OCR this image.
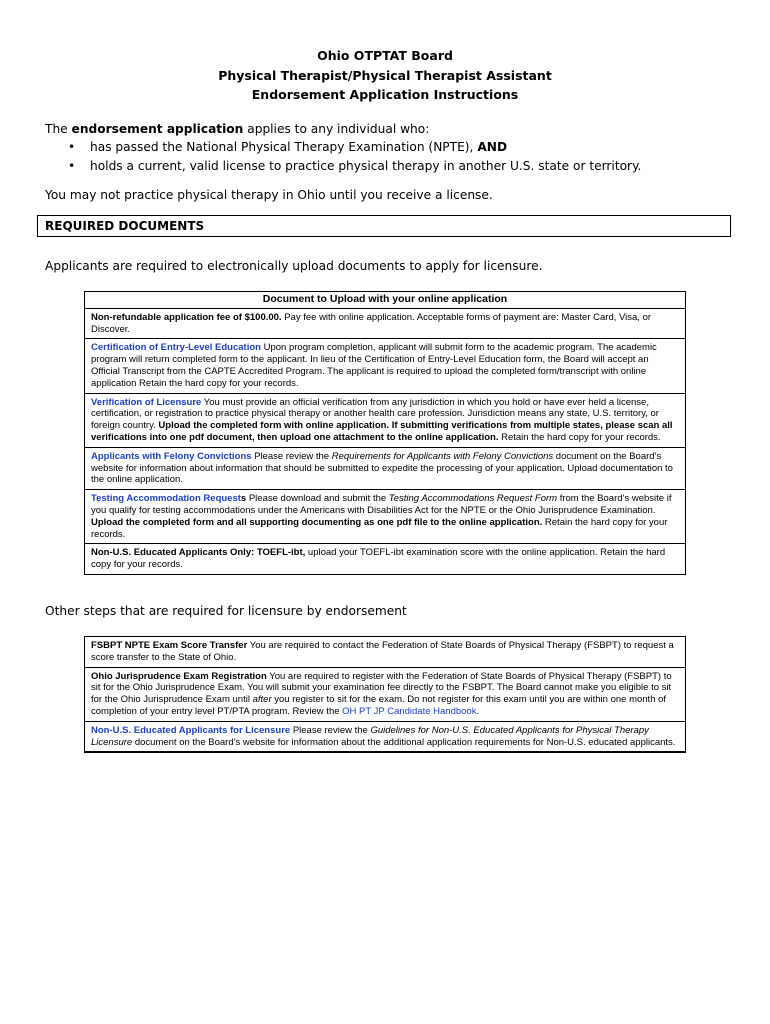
Ohio OTPTAT Board
Physical Therapist/Physical Therapist Assistant
Endorsement Application Instructions
The endorsement application applies to any individual who:
• has passed the National Physical Therapy Examination (NPTE), AND
• holds a current, valid license to practice physical therapy in another U.S. state or territory.
You may not practice physical therapy in Ohio until you receive a license.
REQUIRED DOCUMENTS
Applicants are required to electronically upload documents to apply for licensure.
Document to Upload with your online application
Non-refundable application fee of $100.00. Pay fee with online application. Acceptable forms of payment are: Master Card, Visa, or Discover.
Certification of Entry-Level Education Upon program completion, applicant will submit form to the academic program. The academic program will return completed form to the applicant. In lieu of the Certification of Entry-Level Education form, the Board will accept an Official Transcript from the CAPTE Accredited Program. The applicant is required to upload the completed form/transcript with online application Retain the hard copy for your records.
Verification of Licensure You must provide an official verification from any jurisdiction in which you hold or have ever held a license, certification, or registration to practice physical therapy or another health care profession. Jurisdiction means any state, U.S. territory, or foreign country. Upload the completed form with online application. If submitting verifications from multiple states, please scan all verifications into one pdf document, then upload one attachment to the online application. Retain the hard copy for your records.
Applicants with Felony Convictions Please review the Requirements for Applicants with Felony Convictions document on the Board’s website for information about information that should be submitted to expedite the processing of your application. Upload documentation to the online application.
Testing Accommodation Requests Please download and submit the Testing Accommodations Request Form from the Board’s website if you qualify for testing accommodations under the Americans with Disabilities Act for the NPTE or the Ohio Jurisprudence Examination. Upload the completed form and all supporting documenting as one pdf file to the online application. Retain the hard copy for your records.
Non-U.S. Educated Applicants Only: TOEFL-ibt, upload your TOEFL-ibt examination score with the online application. Retain the hard copy for your records.
Other steps that are required for licensure by endorsement
FSBPT NPTE Exam Score Transfer You are required to contact the Federation of State Boards of Physical Therapy (FSBPT) to request a score transfer to the State of Ohio.
Ohio Jurisprudence Exam Registration You are required to register with the Federation of State Boards of Physical Therapy (FSBPT) to sit for the Ohio Jurisprudence Exam. You will submit your examination fee directly to the FSBPT. The Board cannot make you eligible to sit for the Ohio Jurisprudence Exam until after you register to sit for the exam. Do not register for this exam until you are within one month of completion of your entry level PT/PTA program. Review the OH PT JP Candidate Handbook.
Non-U.S. Educated Applicants for Licensure Please review the Guidelines for Non-U.S. Educated Applicants for Physical Therapy Licensure document on the Board’s website for information about the additional application requirements for Non-U.S. educated applicants.
